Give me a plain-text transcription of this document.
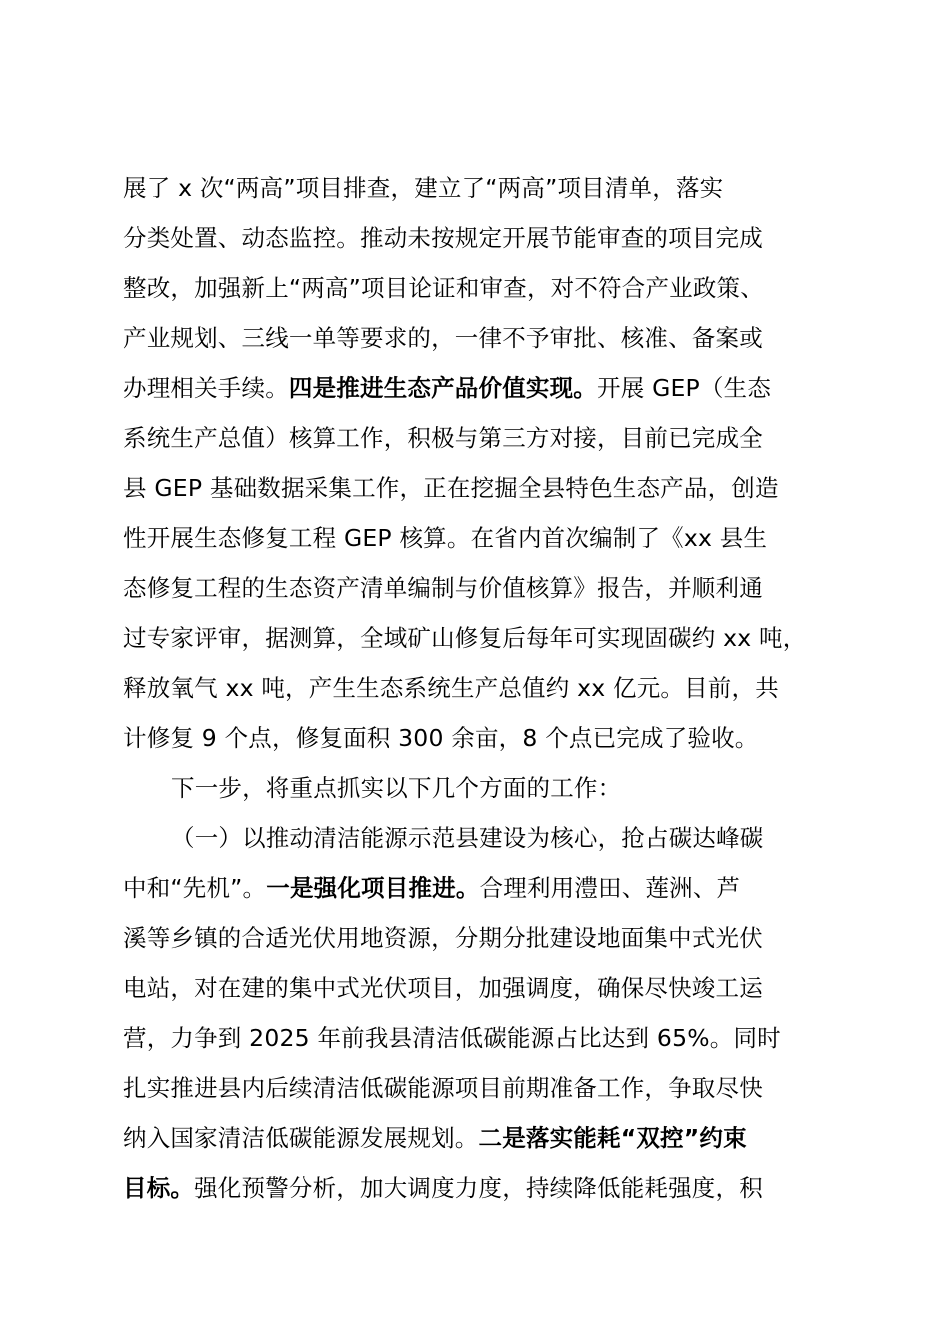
展了 x 次“两高”项目排查，建立了“两高”项目清单，落实
分类处置、动态监控。推动未按规定开展节能审查的项目完成
整改，加强新上“两高”项目论证和审查，对不符合产业政策、
产业规划、三线一单等要求的，一律不予审批、核准、备案或
办理相关手续。四是推进生态产品价值实现。开展 GEP（生态
系统生产总值）核算工作，积极与第三方对接，目前已完成全
县 GEP 基础数据采集工作，正在挖掘全县特色生态产品，创造
性开展生态修复工程 GEP 核算。在省内首次编制了《xx 县生
态修复工程的生态资产清单编制与价值核算》报告，并顺利通
过专家评审，据测算，全域矿山修复后每年可实现固碳约 xx 吨，
释放氧气 xx 吨，产生生态系统生产总值约 xx 亿元。目前，共
计修复 9 个点，修复面积 300 余亩，8 个点已完成了验收。
下一步，将重点抓实以下几个方面的工作：
（一）以推动清洁能源示范县建设为核心，抢占碳达峰碳
中和“先机”。一是强化项目推进。合理利用澧田、莲洲、芦
溪等乡镇的合适光伏用地资源，分期分批建设地面集中式光伏
电站，对在建的集中式光伏项目，加强调度，确保尽快竣工运
营，力争到 2025 年前我县清洁低碳能源占比达到 65%。同时
扎实推进县内后续清洁低碳能源项目前期准备工作，争取尽快
纳入国家清洁低碳能源发展规划。二是落实能耗“双控”约束
目标。强化预警分析，加大调度力度，持续降低能耗强度，积
